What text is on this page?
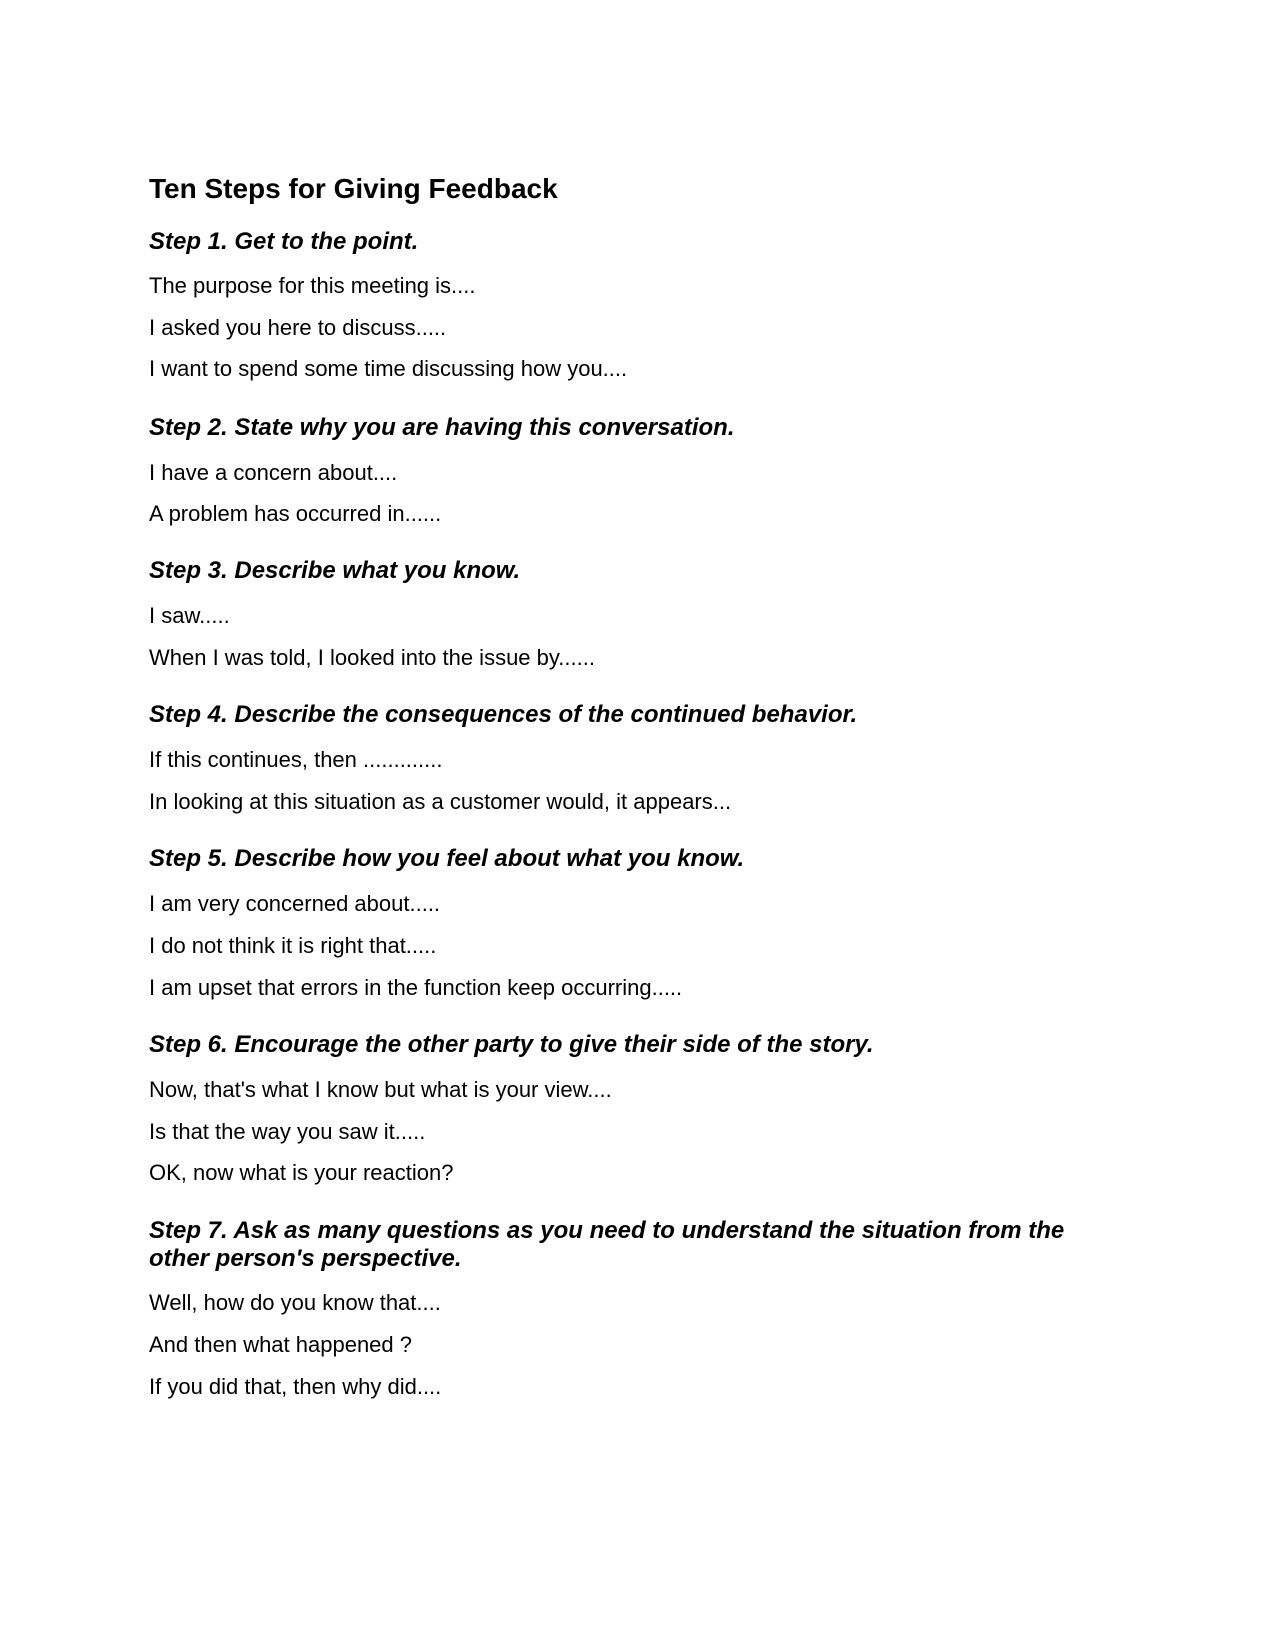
Ten Steps for Giving Feedback
Step 1. Get to the point.

The purpose for this meeting is....

I asked you here to discuss.....

I want to spend some time discussing how you....

Step 2. State why you are having this conversation.

I have a concern about....

A problem has occurred in......

Step 3. Describe what you know.

I saw.....

When I was told, I looked into the issue by......

Step 4. Describe the consequences of the continued behavior.

If this continues, then .............

In looking at this situation as a customer would, it appears...

Step 5. Describe how you feel about what you know.

I am very concerned about.....

I do not think it is right that.....

I am upset that errors in the function keep occurring.....

Step 6. Encourage the other party to give their side of the story.

Now, that's what I know but what is your view....

Is that the way you saw it.....

OK, now what is your reaction?

Step 7. Ask as many questions as you need to understand the situation from the other person's perspective.

Well, how do you know that....

And then what happened ?

If you did that, then why did....
